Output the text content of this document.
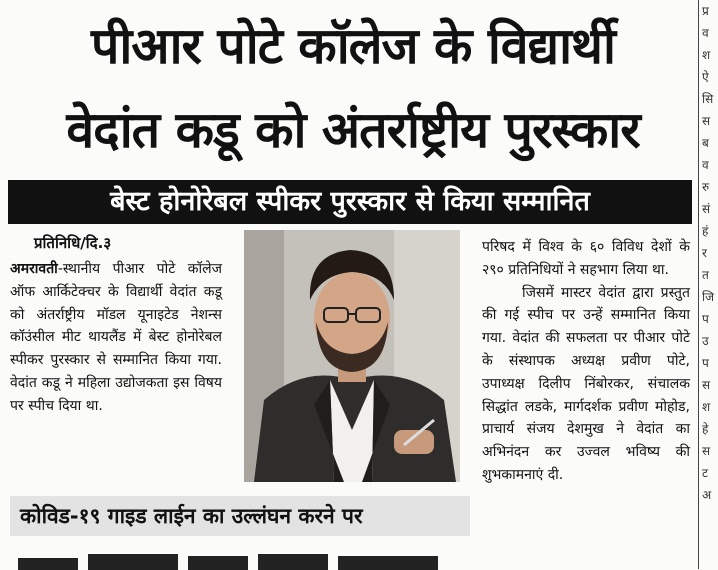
पीआर पोटे कॉलेज के विद्यार्थी
वेदांत कडू को अंतर्राष्ट्रीय पुरस्कार
बेस्ट होनोरेबल स्पीकर पुरस्कार से किया सम्मानित
प्रतिनिधि/दि.३
अमरावती-स्थानीय पीआर पोटे कॉलेज ऑफ आर्किटेक्चर के विद्यार्थी वेदांत कडू को अंतर्राष्ट्रीय मॉडल यूनाइटेड नेशन्स कॉउंसील मीट थायलैंड में बेस्ट होनोरेबल स्पीकर पुरस्कार से सम्मानित किया गया. वेदांत कडू ने महिला उद्योजकता इस विषय पर स्पीच दिया था.
परिषद में विश्व के ६० विविध देशों के २९० प्रतिनिधियों ने सहभाग लिया था.
जिसमें मास्टर वेदांत द्वारा प्रस्तुत की गई स्पीच पर उन्हें सम्मानित किया गया. वेदांत की सफलता पर पीआर पोटे के संस्थापक अध्यक्ष प्रवीण पोटे, उपाध्यक्ष दिलीप निंबोरकर, संचालक सिद्धांत लडके, मार्गदर्शक प्रवीण मोहोड, प्राचार्य संजय देशमुख ने वेदांत का अभिनंदन कर उज्वल भविष्य की शुभकामनाएं दी.
कोविड-१९ गाइड लाईन का उल्लंघन करने पर
प्र
व
श
ऐ
सि
स
ब
व
रु
सं
हं
र
त
जि
प
उ
प
स
श
हे
स
ट
अ
